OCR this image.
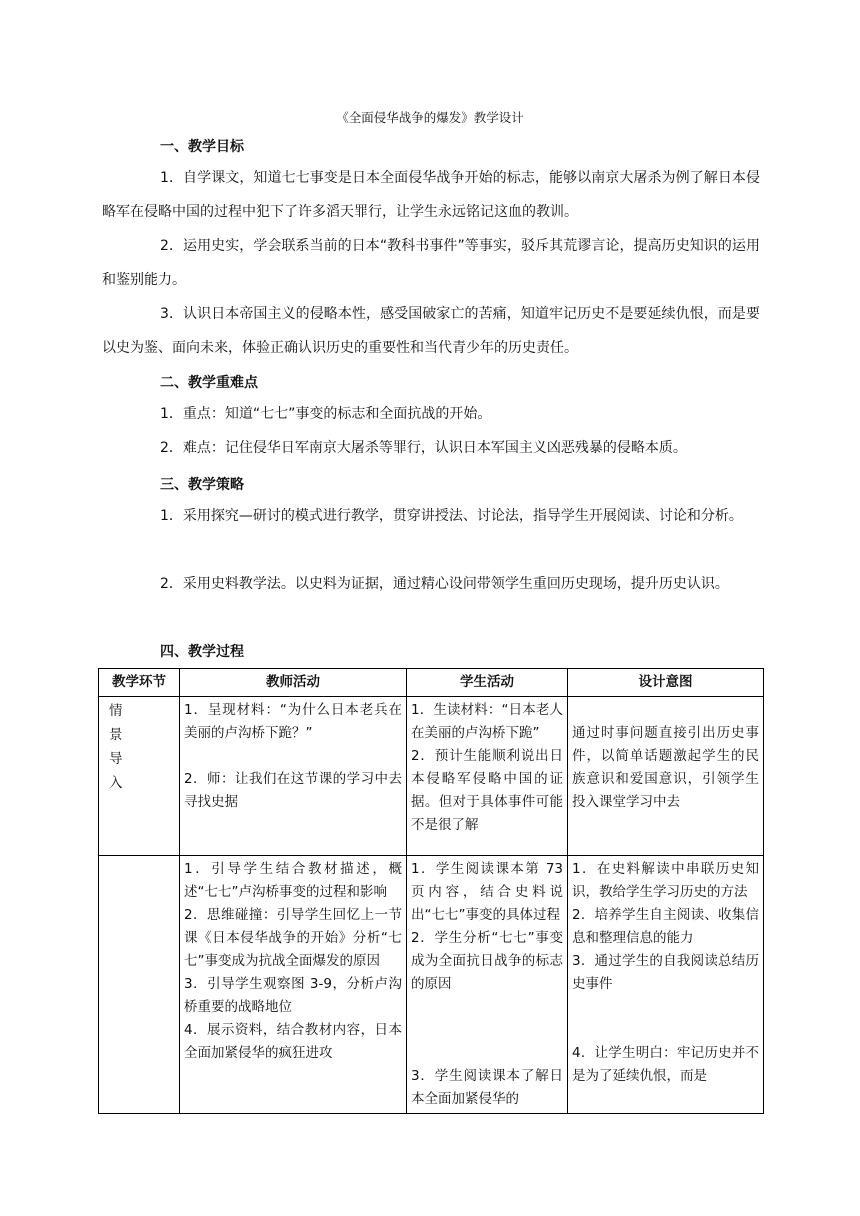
《全面侵华战争的爆发》教学设计
一、教学目标
1．自学课文，知道七七事变是日本全面侵华战争开始的标志，能够以南京大屠杀为例了解日本侵略军在侵略中国的过程中犯下了许多滔天罪行，让学生永远铭记这血的教训。
2．运用史实，学会联系当前的日本“教科书事件”等事实，驳斥其荒谬言论，提高历史知识的运用和鉴别能力。
3．认识日本帝国主义的侵略本性，感受国破家亡的苦痛，知道牢记历史不是要延续仇恨，而是要以史为鉴、面向未来，体验正确认识历史的重要性和当代青少年的历史责任。
二、教学重难点
1．重点：知道“七七”事变的标志和全面抗战的开始。
2．难点：记住侵华日军南京大屠杀等罪行，认识日本军国主义凶恶残暴的侵略本质。
三、教学策略
1．采用探究—研讨的模式进行教学，贯穿讲授法、讨论法，指导学生开展阅读、讨论和分析。
2．采用史料教学法。以史料为证据，通过精心设问带领学生重回历史现场，提升历史认识。
四、教学过程
教学环节	教师活动	学生活动	设计意图

情
景
导
入	1．呈现材料：“为什么日本老兵在美丽的卢沟桥下跪？”

2．师：让我们在这节课的学习中去寻找史据	1．生读材料：“日本老人在美丽的卢沟桥下跪”
2．预计生能顺利说出日本侵略军侵略中国的证据。但对于具体事件可能不是很了解	
通过时事问题直接引出历史事件，以简单话题激起学生的民族意识和爱国意识，引领学生投入课堂学习中去

	1．引导学生结合教材描述，概述“七七”卢沟桥事变的过程和影响
2．思维碰撞：引导学生回忆上一节课《日本侵华战争的开始》分析“七七”事变成为抗战全面爆发的原因
3．引导学生观察图 3-9，分析卢沟桥重要的战略地位
4．展示资料，结合教材内容，日本全面加紧侵华的疯狂进攻	1．学生阅读课本第 73 页内容，结合史料说出“七七”事变的具体过程
2．学生分析“七七”事变成为全面抗日战争的标志的原因

3．学生阅读课本了解日本全面加紧侵华的	1．在史料解读中串联历史知识，教给学生学习历史的方法
2．培养学生自主阅读、收集信息和整理信息的能力
3．通过学生的自我阅读总结历史事件

4．让学生明白：牢记历史并不是为了延续仇恨，而是
